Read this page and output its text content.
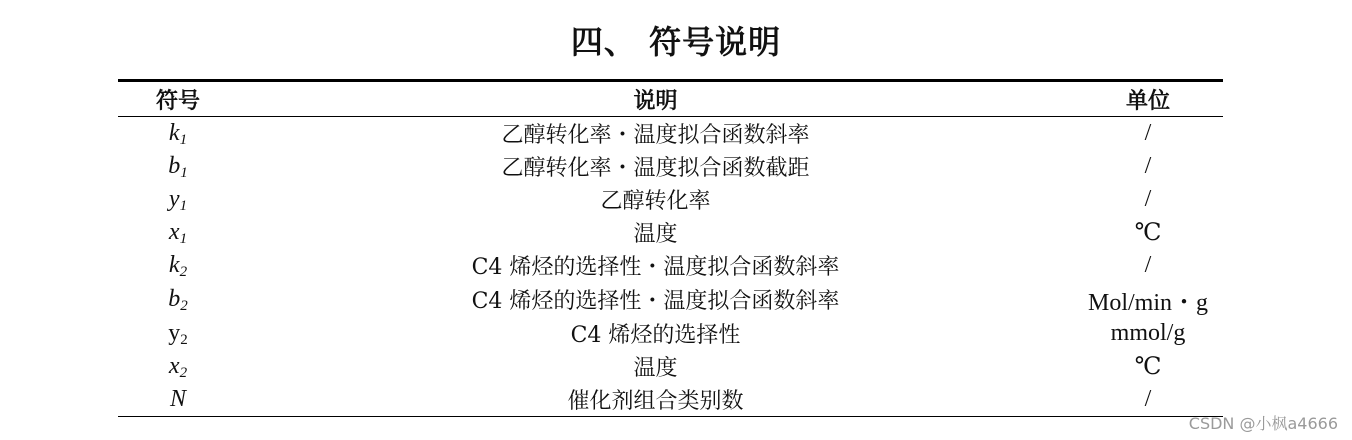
四、 符号说明
符号	说明	单位
$k_1$	乙醇转化率・温度拟合函数斜率	/
$b_1$	乙醇转化率・温度拟合函数截距	/
$y_1$	乙醇转化率	/
$x_1$	温度	℃
$k_2$	C4 烯烃的选择性・温度拟合函数斜率	/
$b_2$	C4 烯烃的选择性・温度拟合函数斜率	Mol/min・g
$y_2$	C4 烯烃的选择性	mmol/g
$x_2$	温度	℃
N	催化剂组合类别数	/
CSDN @小枫a4666
